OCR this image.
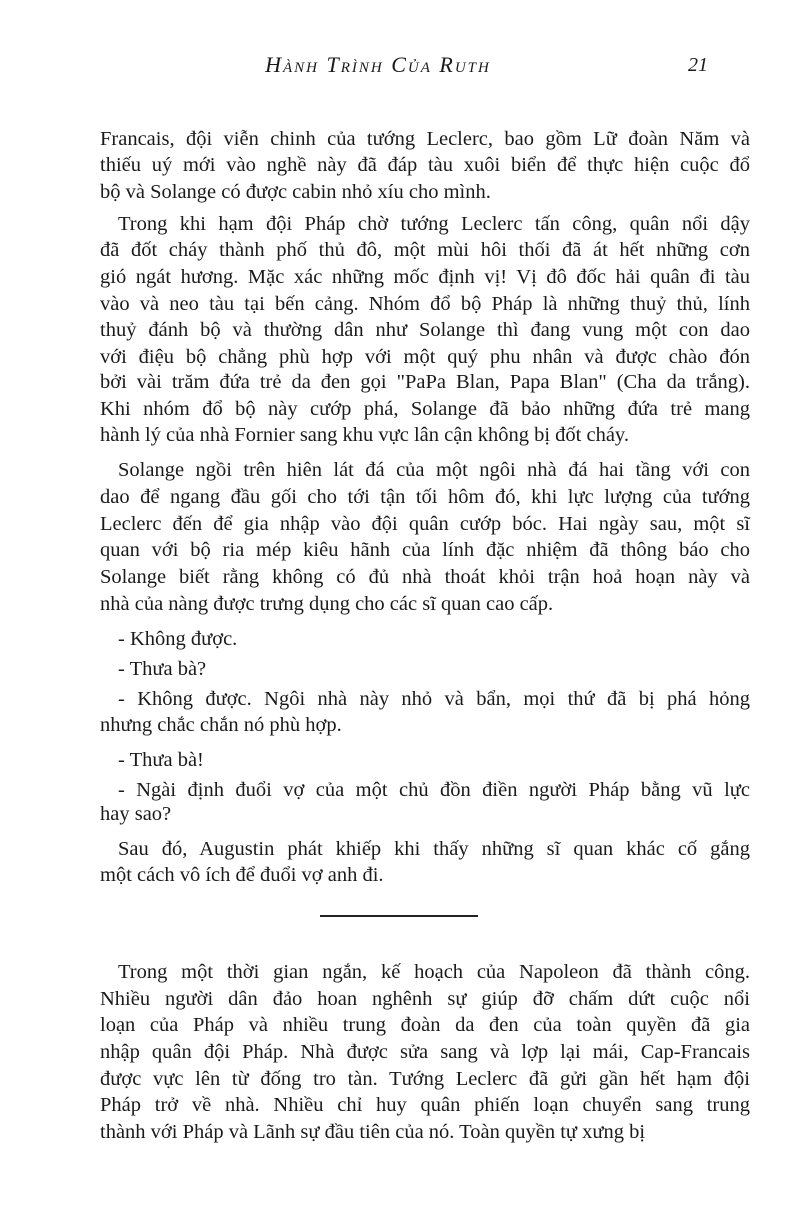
Hành Trình Của Ruth	21
Francais, đội viễn chinh của tướng Leclerc, bao gồm Lữ đoàn Năm và
thiếu uý mới vào nghề này đã đáp tàu xuôi biển để thực hiện cuộc đổ
bộ và Solange có được cabin nhỏ xíu cho mình.
Trong khi hạm đội Pháp chờ tướng Leclerc tấn công, quân nổi dậy
đã đốt cháy thành phố thủ đô, một mùi hôi thối đã át hết những cơn
gió ngát hương. Mặc xác những mốc định vị! Vị đô đốc hải quân đi tàu
vào và neo tàu tại bến cảng. Nhóm đổ bộ Pháp là những thuỷ thủ, lính
thuỷ đánh bộ và thường dân như Solange thì đang vung một con dao
với điệu bộ chẳng phù hợp với một quý phu nhân và được chào đón
bởi vài trăm đứa trẻ da đen gọi "PaPa Blan, Papa Blan" (Cha da trắng).
Khi nhóm đổ bộ này cướp phá, Solange đã bảo những đứa trẻ mang
hành lý của nhà Fornier sang khu vực lân cận không bị đốt cháy.
Solange ngồi trên hiên lát đá của một ngôi nhà đá hai tầng với con
dao để ngang đầu gối cho tới tận tối hôm đó, khi lực lượng của tướng
Leclerc đến để gia nhập vào đội quân cướp bóc. Hai ngày sau, một sĩ
quan với bộ ria mép kiêu hãnh của lính đặc nhiệm đã thông báo cho
Solange biết rằng không có đủ nhà thoát khỏi trận hoả hoạn này và
nhà của nàng được trưng dụng cho các sĩ quan cao cấp.
- Không được.
- Thưa bà?
- Không được. Ngôi nhà này nhỏ và bẩn, mọi thứ đã bị phá hỏng
nhưng chắc chắn nó phù hợp.
- Thưa bà!
- Ngài định đuổi vợ của một chủ đồn điền người Pháp bằng vũ lực
hay sao?
Sau đó, Augustin phát khiếp khi thấy những sĩ quan khác cố gắng
một cách vô ích để đuổi vợ anh đi.
Trong một thời gian ngắn, kế hoạch của Napoleon đã thành công.
Nhiều người dân đảo hoan nghênh sự giúp đỡ chấm dứt cuộc nổi
loạn của Pháp và nhiều trung đoàn da đen của toàn quyền đã gia
nhập quân đội Pháp. Nhà được sửa sang và lợp lại mái, Cap-Francais
được vực lên từ đống tro tàn. Tướng Leclerc đã gửi gần hết hạm đội
Pháp trở về nhà. Nhiều chỉ huy quân phiến loạn chuyển sang trung
thành với Pháp và Lãnh sự đầu tiên của nó. Toàn quyền tự xưng bị
